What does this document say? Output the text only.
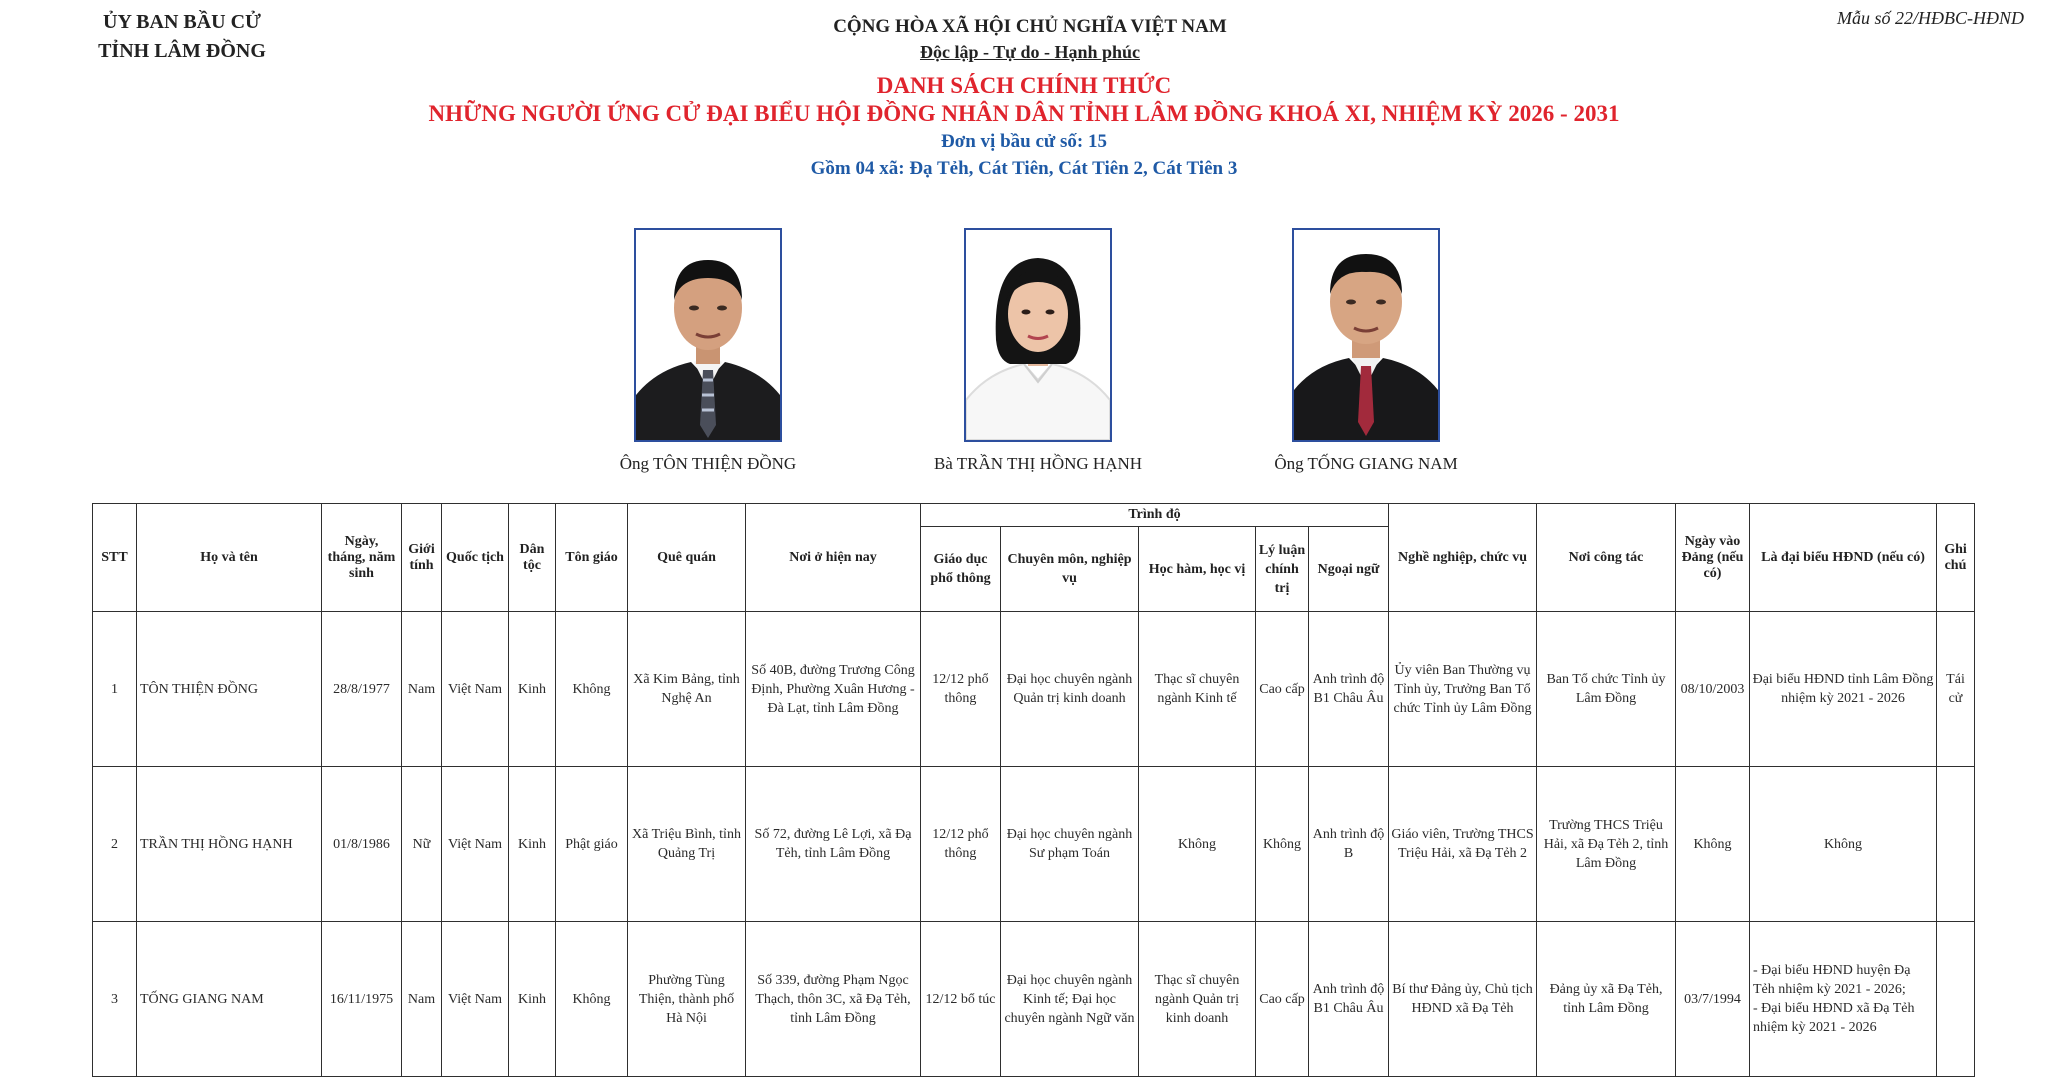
ỦY BAN BẦU CỬ
TỈNH LÂM ĐỒNG
CỘNG HÒA XÃ HỘI CHỦ NGHĨA VIỆT NAM
Độc lập - Tự do - Hạnh phúc
Mẫu số 22/HĐBC-HĐND
DANH SÁCH CHÍNH THỨC
NHỮNG NGƯỜI ỨNG CỬ ĐẠI BIỂU HỘI ĐỒNG NHÂN DÂN TỈNH LÂM ĐỒNG KHOÁ XI, NHIỆM KỲ 2026 - 2031
Đơn vị bầu cử số: 15
Gồm 04 xã: Đạ Tẻh, Cát Tiên, Cát Tiên 2, Cát Tiên 3
Ông TÔN THIỆN ĐỒNG	Bà TRẦN THỊ HỒNG HẠNH	Ông TỐNG GIANG NAM
STT	Họ và tên	Ngày, tháng, năm sinh	Giới tính	Quốc tịch	Dân tộc	Tôn giáo	Quê quán	Nơi ở hiện nay	Trình độ					Nghề nghiệp, chức vụ	Nơi công tác	Ngày vào Đảng (nếu có)	Là đại biểu HĐND (nếu có)	Ghi chú
									Giáo dục phổ thông	Chuyên môn, nghiệp vụ	Học hàm, học vị	Lý luận chính trị	Ngoại ngữ					
1	TÔN THIỆN ĐỒNG	28/8/1977	Nam	Việt Nam	Kinh	Không	Xã Kim Bảng, tỉnh Nghệ An	Số 40B, đường Trương Công Định, Phường Xuân Hương - Đà Lạt, tỉnh Lâm Đồng	12/12 phổ thông	Đại học chuyên ngành Quản trị kinh doanh	Thạc sĩ chuyên ngành Kinh tế	Cao cấp	Anh trình độ B1 Châu Âu	Ủy viên Ban Thường vụ Tỉnh ủy, Trưởng Ban Tổ chức Tỉnh ủy Lâm Đồng	Ban Tổ chức Tỉnh ủy Lâm Đồng	08/10/2003	Đại biểu HĐND tỉnh Lâm Đồng nhiệm kỳ 2021 - 2026	Tái cử
2	TRẦN THỊ HỒNG HẠNH	01/8/1986	Nữ	Việt Nam	Kinh	Phật giáo	Xã Triệu Bình, tỉnh Quảng Trị	Số 72, đường Lê Lợi, xã Đạ Tẻh, tỉnh Lâm Đồng	12/12 phổ thông	Đại học chuyên ngành Sư phạm Toán	Không	Không	Anh trình độ B	Giáo viên, Trường THCS Triệu Hải, xã Đạ Tẻh 2	Trường THCS Triệu Hải, xã Đạ Tẻh 2, tỉnh Lâm Đồng	Không	Không	
3	TỐNG GIANG NAM	16/11/1975	Nam	Việt Nam	Kinh	Không	Phường Tùng Thiện, thành phố Hà Nội	Số 339, đường Phạm Ngọc Thạch, thôn 3C, xã Đạ Tẻh, tỉnh Lâm Đồng	12/12 bổ túc	Đại học chuyên ngành Kinh tế; Đại học chuyên ngành Ngữ văn	Thạc sĩ chuyên ngành Quản trị kinh doanh	Cao cấp	Anh trình độ B1 Châu Âu	Bí thư Đảng ủy, Chủ tịch HĐND xã Đạ Tẻh	Đảng ủy xã Đạ Tẻh, tỉnh Lâm Đồng	03/7/1994	- Đại biểu HĐND huyện Đạ Tẻh nhiệm kỳ 2021 - 2026;
- Đại biểu HĐND xã Đạ Tẻh nhiệm kỳ 2021 - 2026	
